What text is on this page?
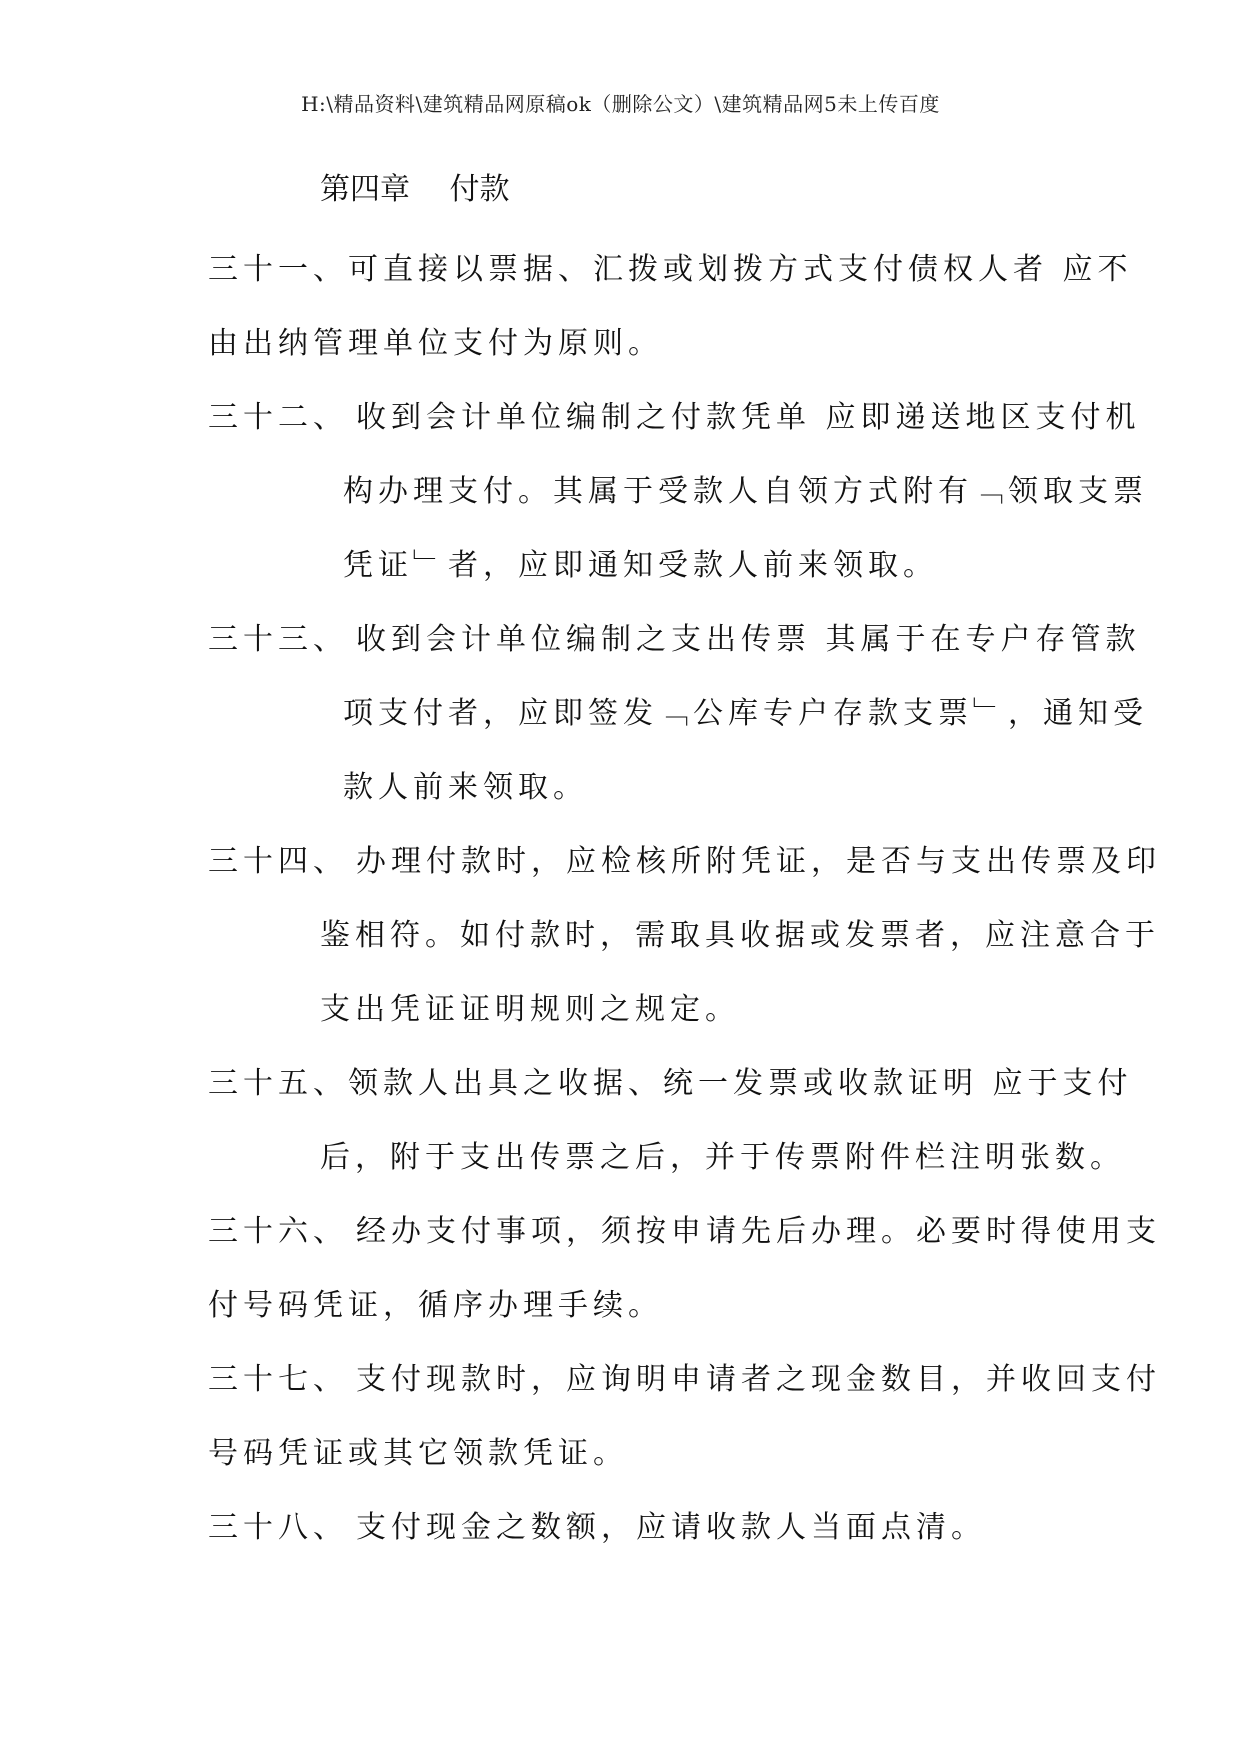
H:\精品资料\建筑精品网原稿ok（删除公文）\建筑精品网5未上传百度
第四章　 付款
三十一、可直接以票据、汇拨或划拨方式支付债权人者 应不
由出纳管理单位支付为原则。
三十二、 收到会计单位编制之付款凭单 应即递送地区支付机
构办理支付。其属于受款人自领方式附有﹁领取支票
凭证﹂者，应即通知受款人前来领取。
三十三、 收到会计单位编制之支出传票 其属于在专户存管款
项支付者，应即签发﹁公库专户存款支票﹂，通知受
款人前来领取。
三十四、 办理付款时，应检核所附凭证，是否与支出传票及印
鉴相符。如付款时，需取具收据或发票者，应注意合于
支出凭证证明规则之规定。
三十五、领款人出具之收据、统一发票或收款证明 应于支付
后，附于支出传票之后，并于传票附件栏注明张数。
三十六、 经办支付事项，须按申请先后办理。必要时得使用支
付号码凭证，循序办理手续。
三十七、 支付现款时，应询明申请者之现金数目，并收回支付
号码凭证或其它领款凭证。
三十八、 支付现金之数额，应请收款人当面点清。
